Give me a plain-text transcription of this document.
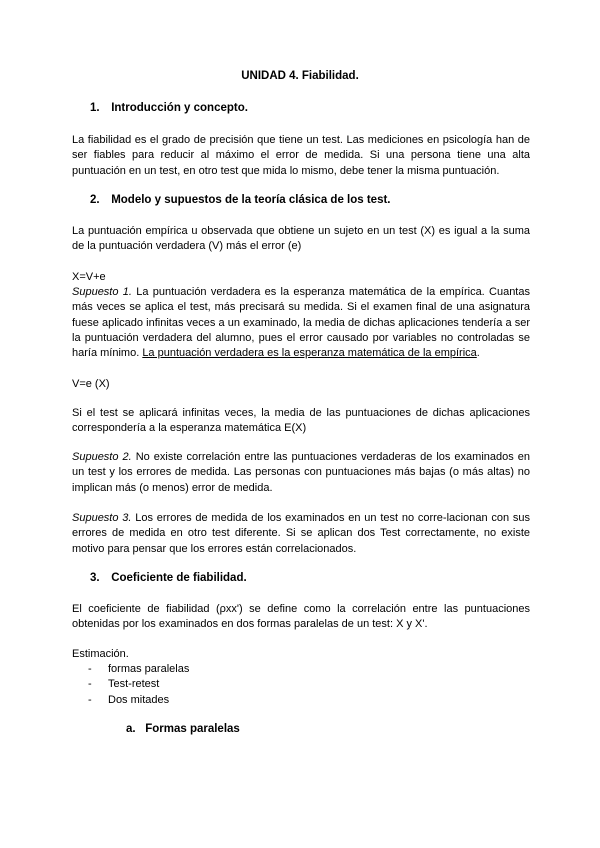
UNIDAD 4. Fiabilidad.
1. Introducción y concepto.
La fiabilidad es el grado de precisión que tiene un test. Las mediciones en psicología han de ser fiables para reducir al máximo el error de medida. Si una persona tiene una alta puntuación en un test, en otro test que mida lo mismo, debe tener la misma puntuación.
2. Modelo y supuestos de la teoría clásica de los test.
La puntuación empírica u observada que obtiene un sujeto en un test (X) es igual a la suma de la puntuación verdadera (V) más el error (e)
X=V+e
Supuesto 1. La puntuación verdadera es la esperanza matemática de la empírica. Cuantas más veces se aplica el test, más precisará su medida. Si el examen final de una asignatura fuese aplicado infinitas veces a un examinado, la media de dichas aplicaciones tendería a ser la puntuación verdadera del alumno, pues el error causado por variables no controladas se haría mínimo. La puntuación verdadera es la esperanza matemática de la empírica.
V=e (X)
Si el test se aplicará infinitas veces, la media de las puntuaciones de dichas aplicaciones correspondería a la esperanza matemática E(X)
Supuesto 2. No existe correlación entre las puntuaciones verdaderas de los examinados en un test y los errores de medida. Las personas con puntuaciones más bajas (o más altas) no implican más (o menos) error de medida.
Supuesto 3. Los errores de medida de los examinados en un test no corre-lacionan con sus errores de medida en otro test diferente. Si se aplican dos Test correctamente, no existe motivo para pensar que los errores están correlacionados.
3. Coeficiente de fiabilidad.
El coeficiente de fiabilidad (ρxx') se define como la correlación entre las puntuaciones obtenidas por los examinados en dos formas paralelas de un test: X y X'.
Estimación.
- formas paralelas
- Test-retest
- Dos mitades
a. Formas paralelas
